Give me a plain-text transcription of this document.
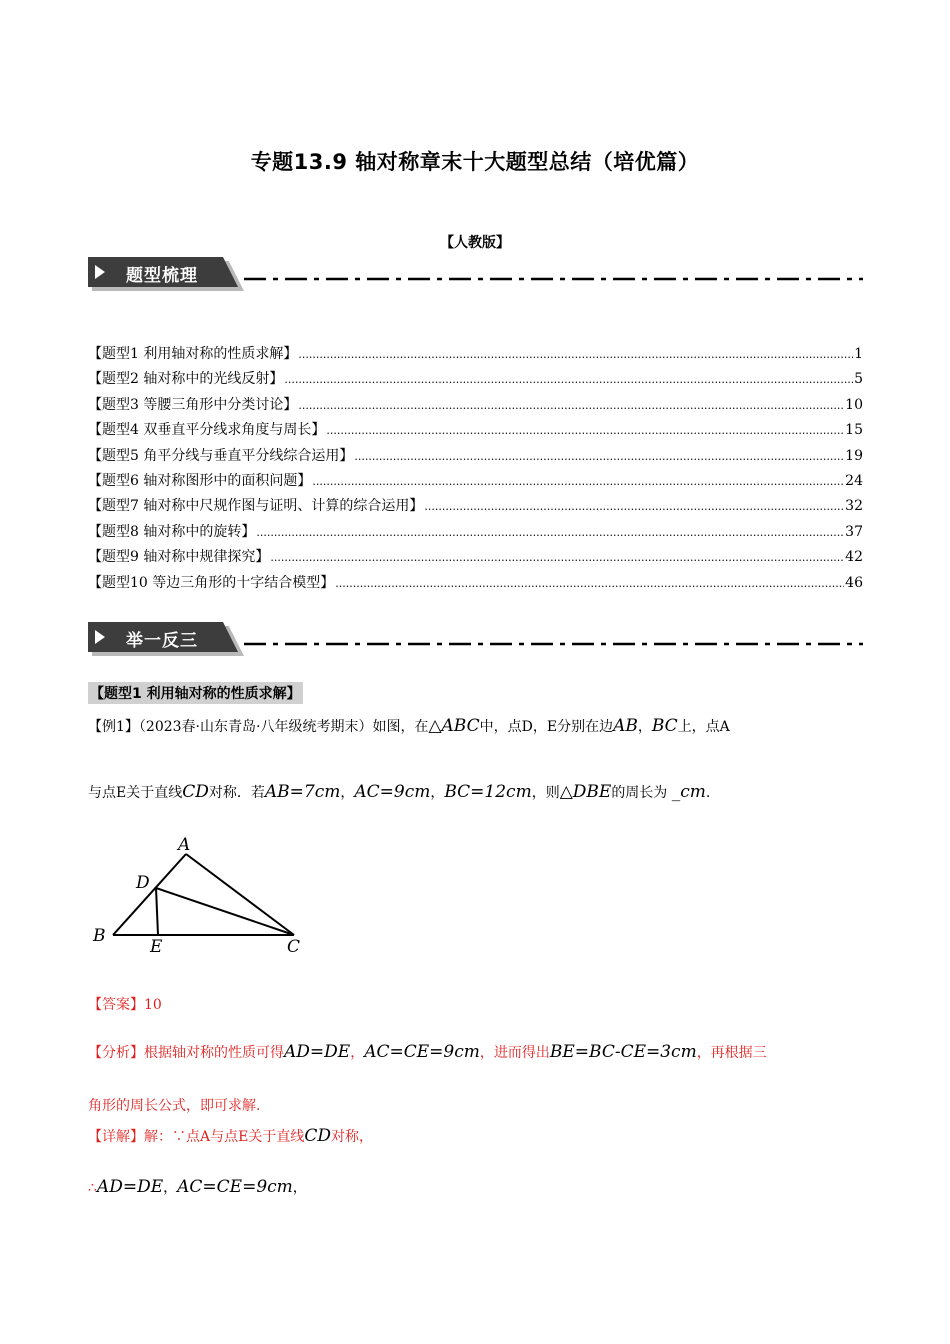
专题13.9 轴对称章末十大题型总结（培优篇）
【人教版】
题型梳理
【题型1 利用轴对称的性质求解】 .....	1
【题型2 轴对称中的光线反射】 .....	5
【题型3 等腰三角形中分类讨论】 .....	10
【题型4 双垂直平分线求角度与周长】 .....	15
【题型5 角平分线与垂直平分线综合运用】 .....	19
【题型6 轴对称图形中的面积问题】 .....	24
【题型7 轴对称中尺规作图与证明、计算的综合运用】 .....	32
【题型8 轴对称中的旋转】 .....	37
【题型9 轴对称中规律探究】 .....	42
【题型10 等边三角形的十字结合模型】 .....	46
举一反三
【题型1 利用轴对称的性质求解】
【例1】（2023春·山东青岛·八年级统考期末）如图，在△ABC中，点D，E分别在边AB，BC上，点A
与点E关于直线CD对称．若AB=7cm，AC=9cm，BC=12cm，则△DBE的周长为 _cm.
A
B
C
D
E
【答案】10
【分析】根据轴对称的性质可得AD=DE，AC=CE=9cm，进而得出BE=BC-CE=3cm，再根据三
角形的周长公式，即可求解.
【详解】解：∵点A与点E关于直线CD对称，
∴AD=DE，AC=CE=9cm，
